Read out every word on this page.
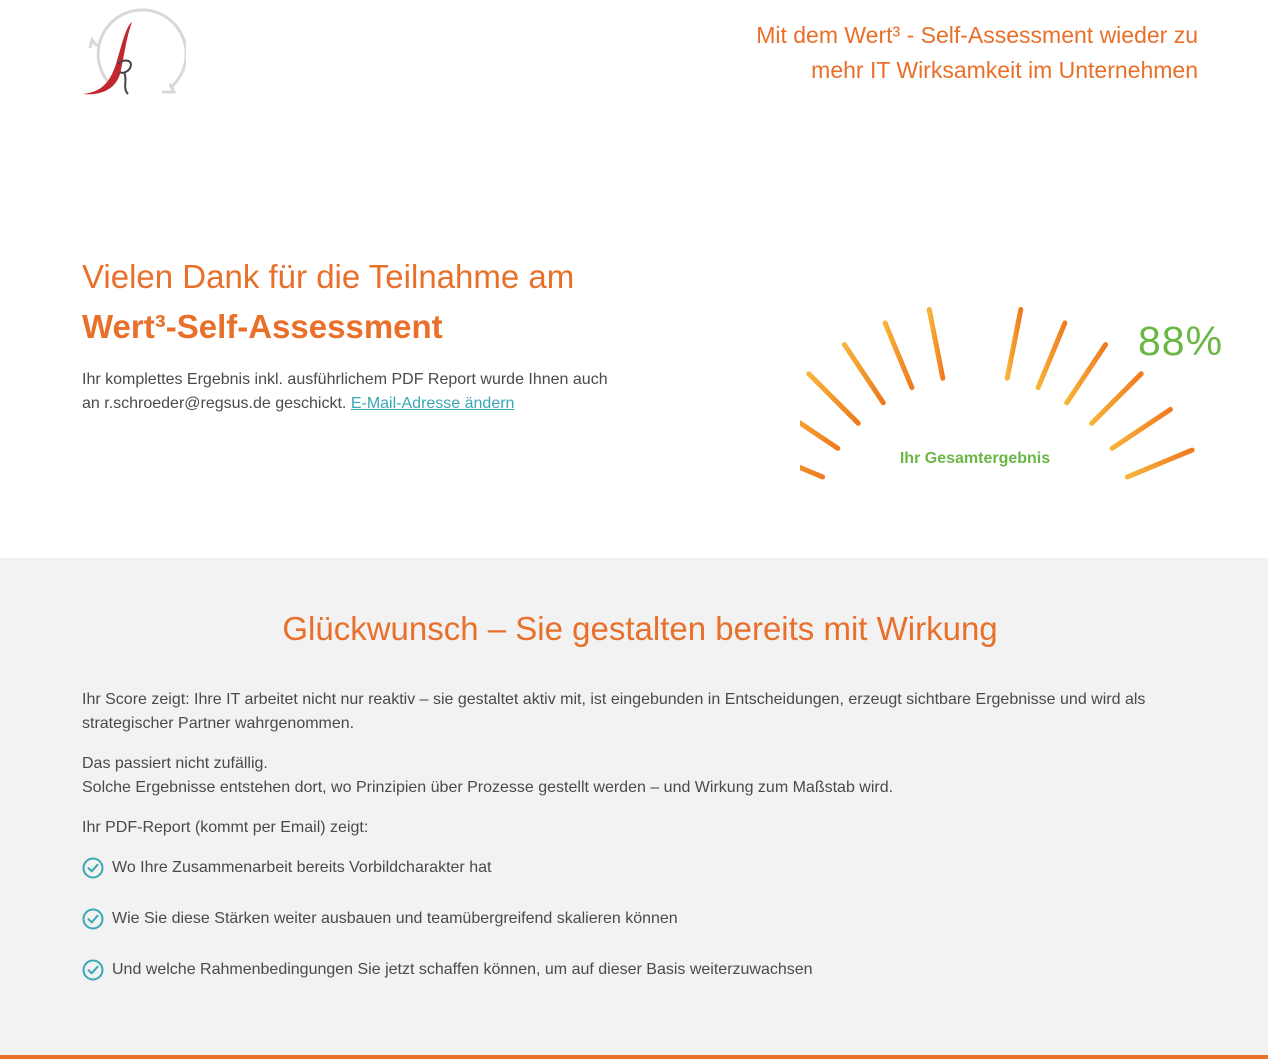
Mit dem Wert³ - Self-Assessment wieder zu
mehr IT Wirksamkeit im Unternehmen
Vielen Dank für die Teilnahme am
Wert³-Self-Assessment
Ihr komplettes Ergebnis inkl. ausführlichem PDF Report wurde Ihnen auch
an r.schroeder@regsus.de geschickt. E-Mail-Adresse ändern
88%
Ihr Gesamtergebnis
Glückwunsch – Sie gestalten bereits mit Wirkung

Ihr Score zeigt: Ihre IT arbeitet nicht nur reaktiv – sie gestaltet aktiv mit, ist eingebunden in Entscheidungen, erzeugt sichtbare Ergebnisse und wird als strategischer Partner wahrgenommen.

Das passiert nicht zufällig.
Solche Ergebnisse entstehen dort, wo Prinzipien über Prozesse gestellt werden – und Wirkung zum Maßstab wird.

Ihr PDF-Report (kommt per Email) zeigt:

Wo Ihre Zusammenarbeit bereits Vorbildcharakter hat
Wie Sie diese Stärken weiter ausbauen und teamübergreifend skalieren können
Und welche Rahmenbedingungen Sie jetzt schaffen können, um auf dieser Basis weiterzuwachsen
